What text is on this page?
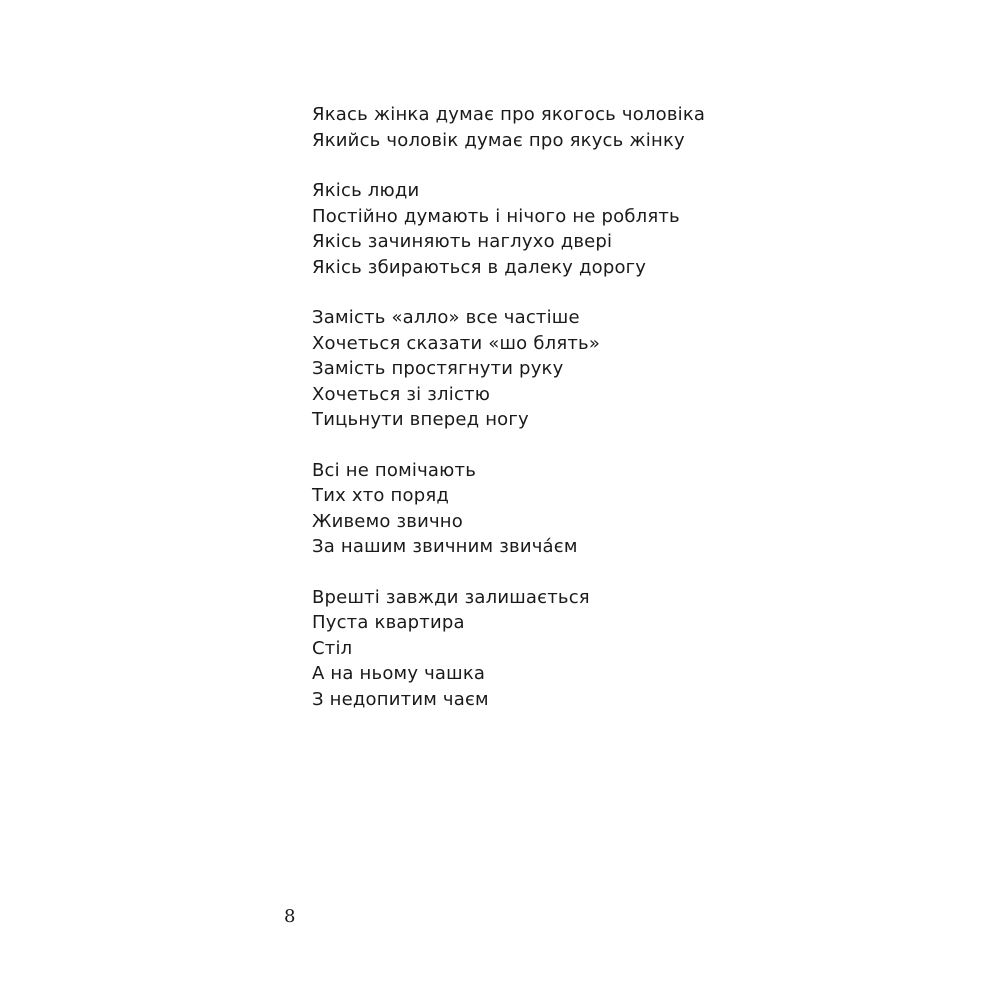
Якась жінка думає про якогось чоловіка
Якийсь чоловік думає про якусь жінку
Якісь люди
Постійно думають і нічого не роблять
Якісь зачиняють наглухо двері
Якісь збираються в далеку дорогу
Замість «алло» все частіше
Хочеться сказати «шо блять»
Замість простягнути руку
Хочеться зі злістю
Тицьнути вперед ногу
Всі не помічають
Тих хто поряд
Живемо звично
За нашим звичним звича́єм
Врешті завжди залишається
Пуста квартира
Стіл
А на ньому чашка
З недопитим чаєм
8
